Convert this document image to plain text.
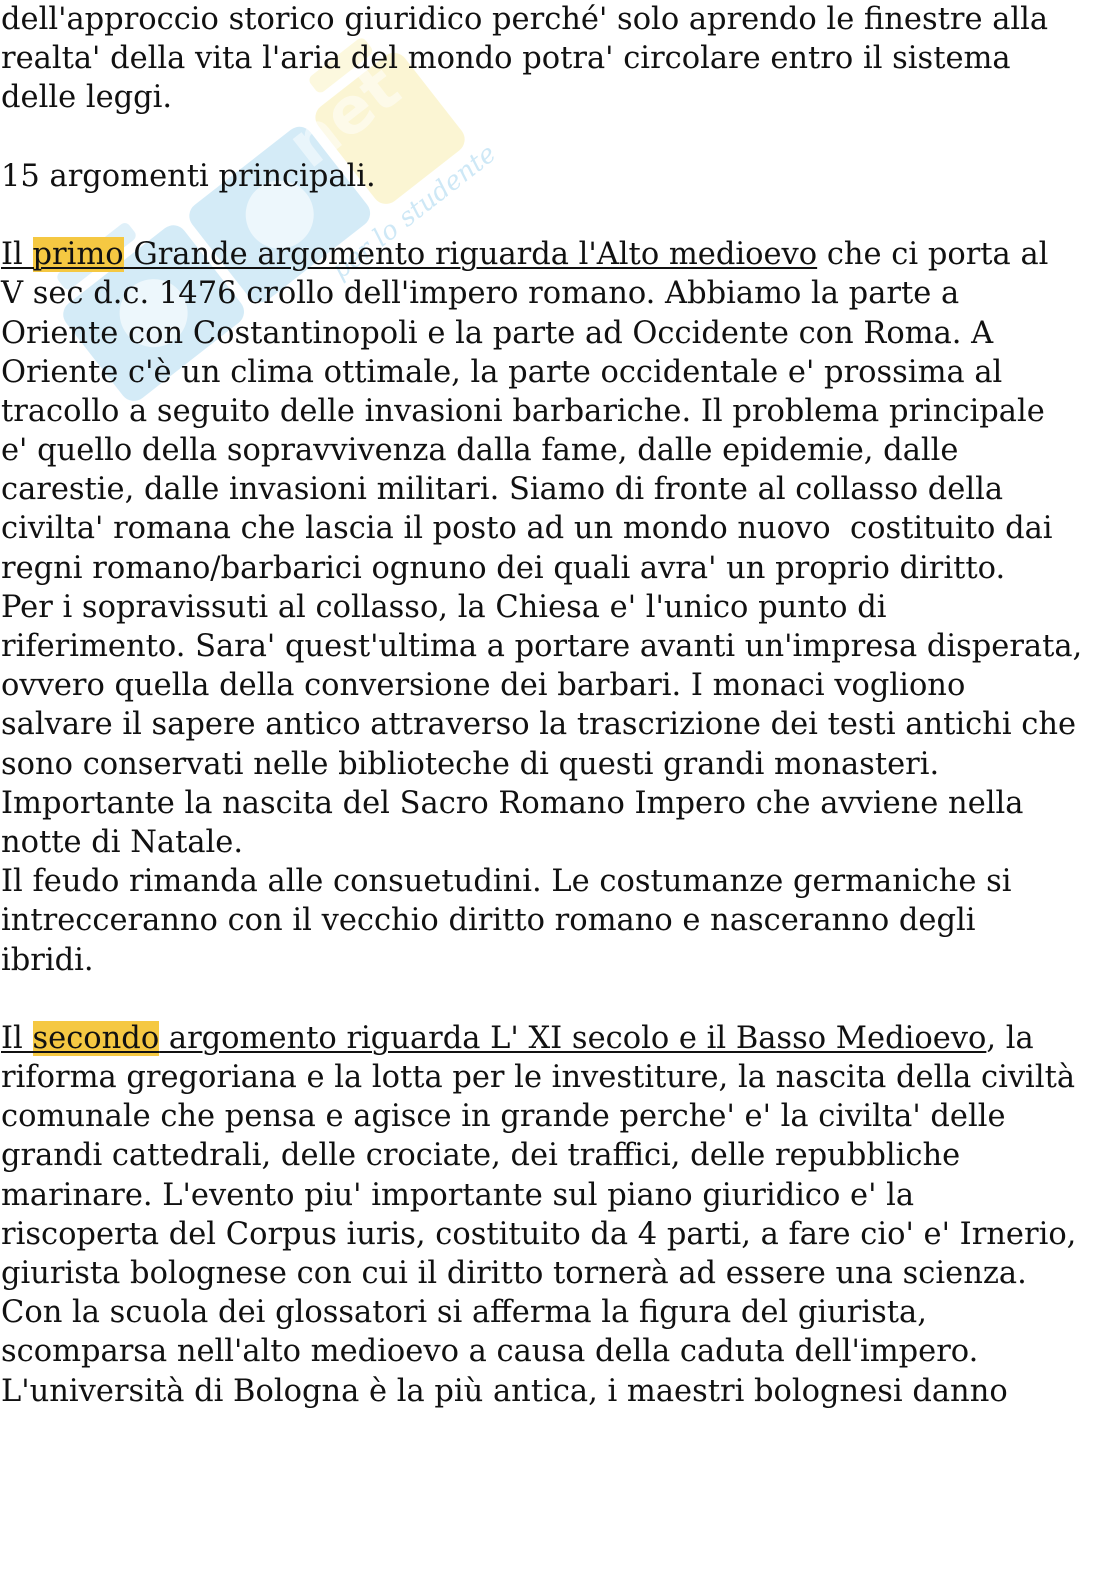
net
per lo studente
dell'approccio storico giuridico perché' solo aprendo le finestre alla
realta' della vita l'aria del mondo potra' circolare entro il sistema
delle leggi.
15 argomenti principali.
Il primo Grande argomento riguarda l'Alto medioevo che ci porta al
V sec d.c. 1476 crollo dell'impero romano. Abbiamo la parte a
Oriente con Costantinopoli e la parte ad Occidente con Roma. A
Oriente c'è un clima ottimale, la parte occidentale e' prossima al
tracollo a seguito delle invasioni barbariche. Il problema principale
e' quello della sopravvivenza dalla fame, dalle epidemie, dalle
carestie, dalle invasioni militari. Siamo di fronte al collasso della
civilta' romana che lascia il posto ad un mondo nuovo  costituito dai
regni romano/barbarici ognuno dei quali avra' un proprio diritto.
Per i sopravissuti al collasso, la Chiesa e' l'unico punto di
riferimento. Sara' quest'ultima a portare avanti un'impresa disperata,
ovvero quella della conversione dei barbari. I monaci vogliono
salvare il sapere antico attraverso la trascrizione dei testi antichi che
sono conservati nelle biblioteche di questi grandi monasteri.
Importante la nascita del Sacro Romano Impero che avviene nella
notte di Natale.
Il feudo rimanda alle consuetudini. Le costumanze germaniche si
intrecceranno con il vecchio diritto romano e nasceranno degli
ibridi.
Il secondo argomento riguarda L' XI secolo e il Basso Medioevo, la
riforma gregoriana e la lotta per le investiture, la nascita della civiltà
comunale che pensa e agisce in grande perche' e' la civilta' delle
grandi cattedrali, delle crociate, dei traffici, delle repubbliche
marinare. L'evento piu' importante sul piano giuridico e' la
riscoperta del Corpus iuris, costituito da 4 parti, a fare cio' e' Irnerio,
giurista bolognese con cui il diritto tornerà ad essere una scienza.
Con la scuola dei glossatori si afferma la figura del giurista,
scomparsa nell'alto medioevo a causa della caduta dell'impero.
L'università di Bologna è la più antica, i maestri bolognesi danno
